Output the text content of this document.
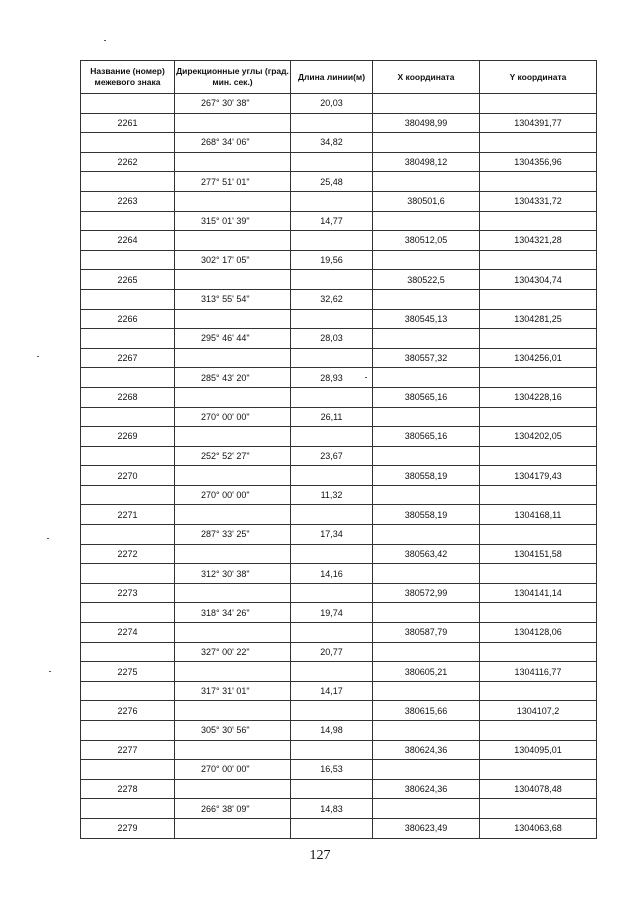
Название (номер) межевого знака	Дирекционные углы (град. мин. сек.)	Длина линии(м)	X координата	Y координата
	267° 30' 38"	20,03		
2261			380498,99	1304391,77
	268° 34' 06"	34,82		
2262			380498,12	1304356,96
	277° 51' 01"	25,48		
2263			380501,6	1304331,72
	315° 01' 39"	14,77		
2264			380512,05	1304321,28
	302° 17' 05"	19,56		
2265			380522,5	1304304,74
	313° 55' 54"	32,62		
2266			380545,13	1304281,25
	295° 46' 44"	28,03		
2267			380557,32	1304256,01
	285° 43' 20"	28,93		
2268			380565,16	1304228,16
	270° 00' 00"	26,11		
2269			380565,16	1304202,05
	252° 52' 27"	23,67		
2270			380558,19	1304179,43
	270° 00' 00"	11,32		
2271			380558,19	1304168,11
	287° 33' 25"	17,34		
2272			380563,42	1304151,58
	312° 30' 38"	14,16		
2273			380572,99	1304141,14
	318° 34' 26"	19,74		
2274			380587,79	1304128,06
	327° 00' 22"	20,77		
2275			380605,21	1304116,77
	317° 31' 01"	14,17		
2276			380615,66	1304107,2
	305° 30' 56"	14,98		
2277			380624,36	1304095,01
	270° 00' 00"	16,53		
2278			380624,36	1304078,48
	266° 38' 09"	14,83		
2279			380623,49	1304063,68
127
